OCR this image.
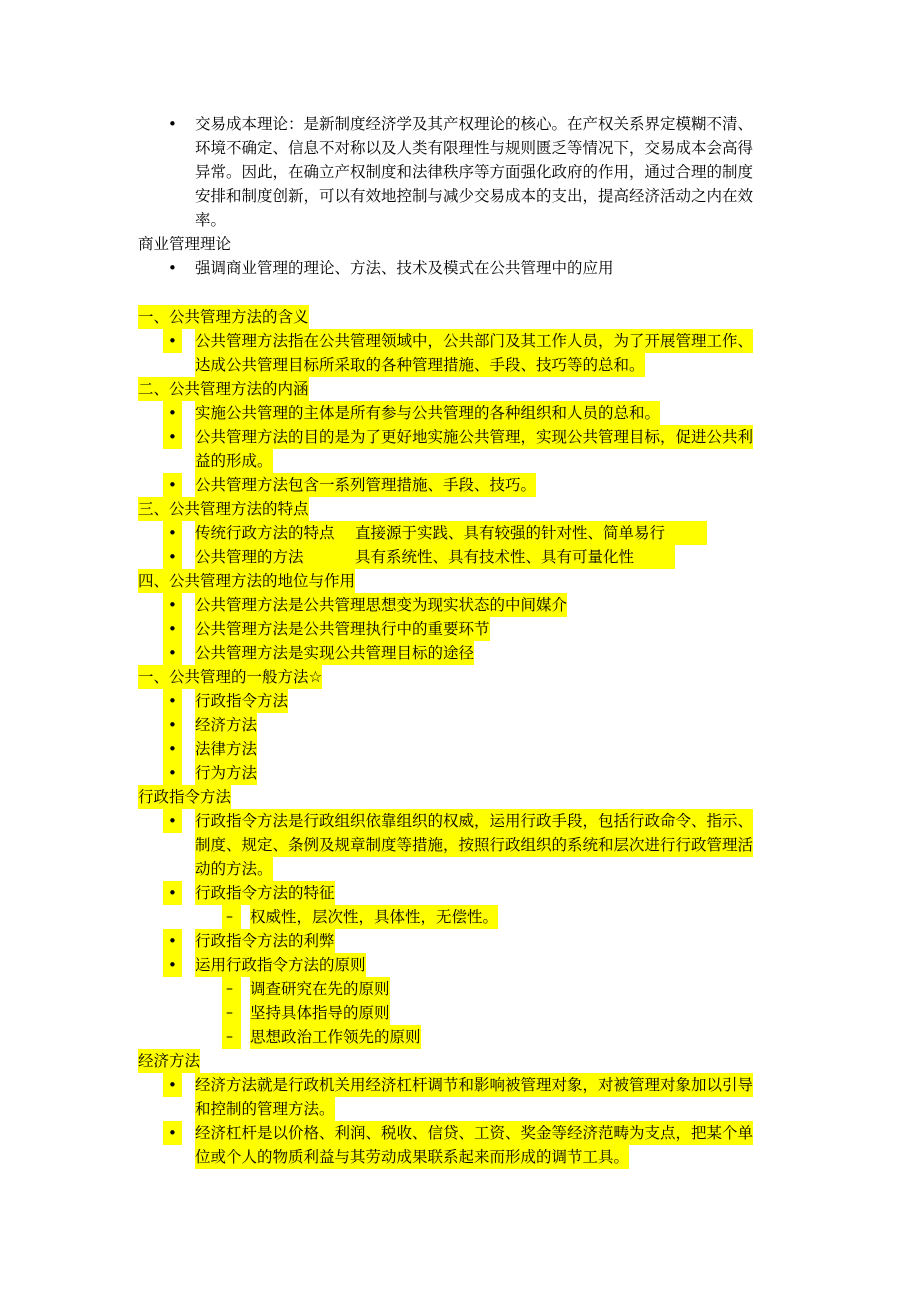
• 交易成本理论：是新制度经济学及其产权理论的核心。在产权关系界定模糊不清、
环境不确定、信息不对称以及人类有限理性与规则匮乏等情况下，交易成本会高得
异常。因此，在确立产权制度和法律秩序等方面强化政府的作用，通过合理的制度
安排和制度创新，可以有效地控制与减少交易成本的支出，提高经济活动之内在效
率。
商业管理理论
• 强调商业管理的理论、方法、技术及模式在公共管理中的应用
一、公共管理方法的含义
•	公共管理方法指在公共管理领域中，公共部门及其工作人员，为了开展管理工作、
达成公共管理目标所采取的各种管理措施、手段、技巧等的总和。
二、公共管理方法的内涵
•	实施公共管理的主体是所有参与公共管理的各种组织和人员的总和。
•	公共管理方法的目的是为了更好地实施公共管理，实现公共管理目标，促进公共利
益的形成。
•	公共管理方法包含一系列管理措施、手段、技巧。
三、公共管理方法的特点
•	传统行政方法的特点 直接源于实践、具有较强的针对性、简单易行
•	公共管理的方法	具有系统性、具有技术性、具有可量化性
四、公共管理方法的地位与作用
•	公共管理方法是公共管理思想变为现实状态的中间媒介
•	公共管理方法是公共管理执行中的重要环节
•	公共管理方法是实现公共管理目标的途径
一、公共管理的一般方法☆
•	行政指令方法
•	经济方法
•	法律方法
•	行为方法
行政指令方法
•	行政指令方法是行政组织依靠组织的权威，运用行政手段，包括行政命令、指示、
制度、规定、条例及规章制度等措施，按照行政组织的系统和层次进行行政管理活
动的方法。
•	行政指令方法的特征
–	权威性，层次性，具体性，无偿性。
•	行政指令方法的利弊
•	运用行政指令方法的原则
–	调查研究在先的原则
–	坚持具体指导的原则
–	思想政治工作领先的原则
经济方法
•	经济方法就是行政机关用经济杠杆调节和影响被管理对象，对被管理对象加以引导
和控制的管理方法。
•	经济杠杆是以价格、利润、税收、信贷、工资、奖金等经济范畴为支点，把某个单
位或个人的物质利益与其劳动成果联系起来而形成的调节工具。
